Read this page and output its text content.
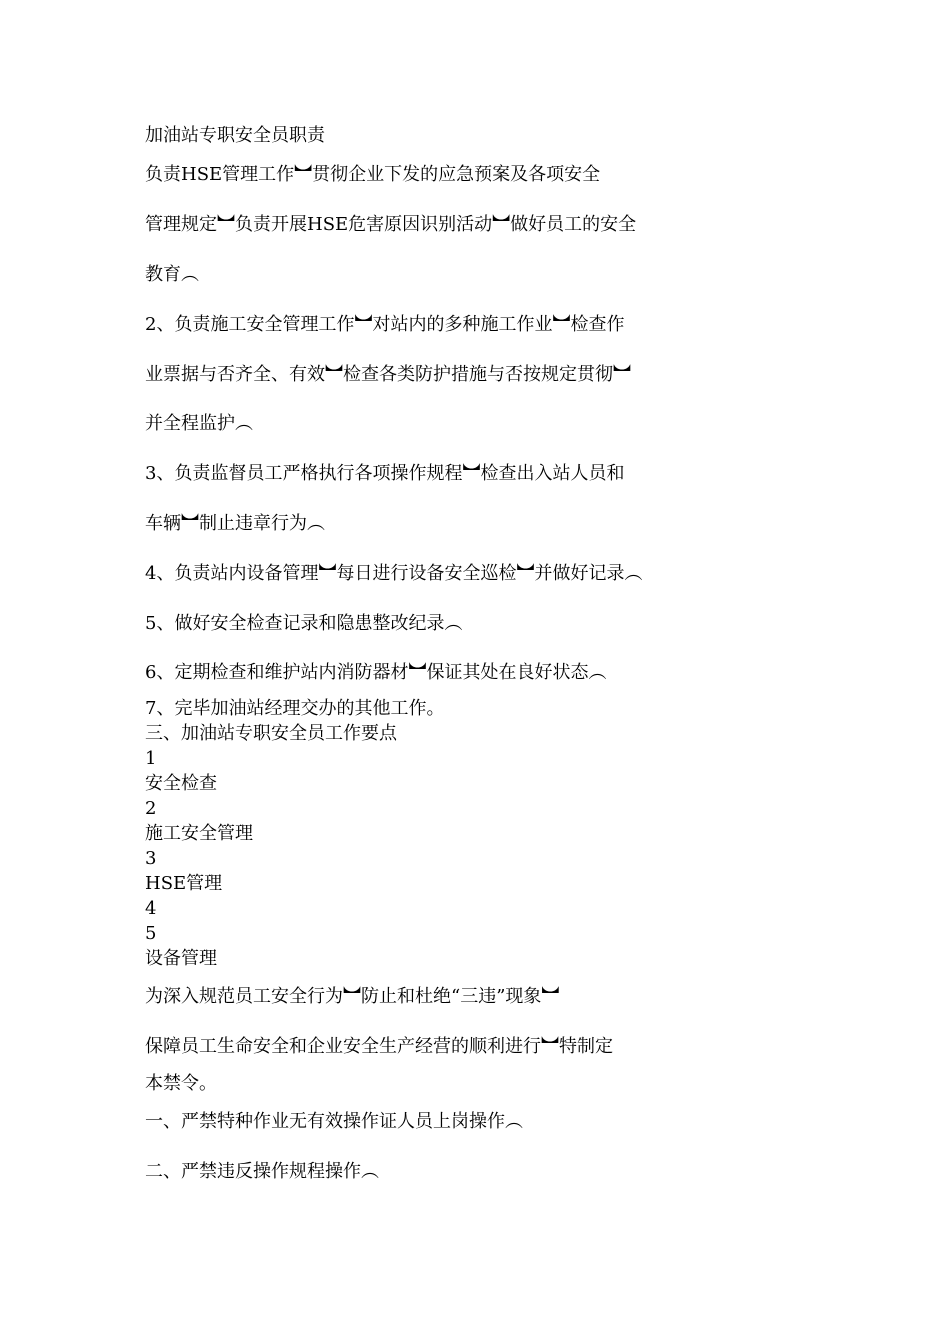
加油站专职安全员职责
负责HSE管理工作︼贯彻企业下发的应急预案及各项安全
管理规定︼负责开展HSE危害原因识别活动︼做好员工的安全
教育︵
2、负责施工安全管理工作︼对站内的多种施工作业︼检查作
业票据与否齐全、有效︼检查各类防护措施与否按规定贯彻︼
并全程监护︵
3、负责监督员工严格执行各项操作规程︼检查出入站人员和
车辆︼制止违章行为︵
4、负责站内设备管理︼每日进行设备安全巡检︼并做好记录︵
5、做好安全检查记录和隐患整改纪录︵
6、定期检查和维护站内消防器材︼保证其处在良好状态︵
7、完毕加油站经理交办的其他工作。
三、加油站专职安全员工作要点
1
安全检查
2
施工安全管理
3
HSE管理
4
5
设备管理
为深入规范员工安全行为︼防止和杜绝“三违”现象︼
保障员工生命安全和企业安全生产经营的顺利进行︼特制定
本禁令。
一、严禁特种作业无有效操作证人员上岗操作︵
二、严禁违反操作规程操作︵
